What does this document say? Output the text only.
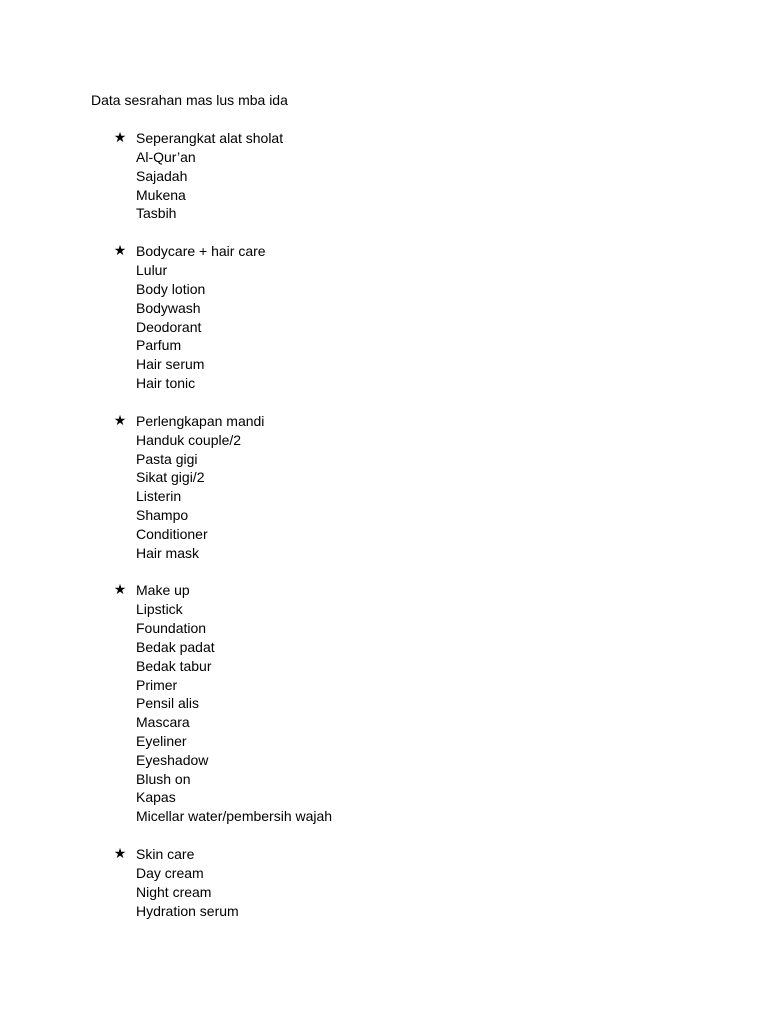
Data sesrahan mas lus mba ida
★ Seperangkat alat sholat
Al-Qur’an
Sajadah
Mukena
Tasbih
★ Bodycare + hair care
Lulur
Body lotion
Bodywash
Deodorant
Parfum
Hair serum
Hair tonic
★ Perlengkapan mandi
Handuk couple/2
Pasta gigi
Sikat gigi/2
Listerin
Shampo
Conditioner
Hair mask
★ Make up
Lipstick
Foundation
Bedak padat
Bedak tabur
Primer
Pensil alis
Mascara
Eyeliner
Eyeshadow
Blush on
Kapas
Micellar water/pembersih wajah
★ Skin care
Day cream
Night cream
Hydration serum
